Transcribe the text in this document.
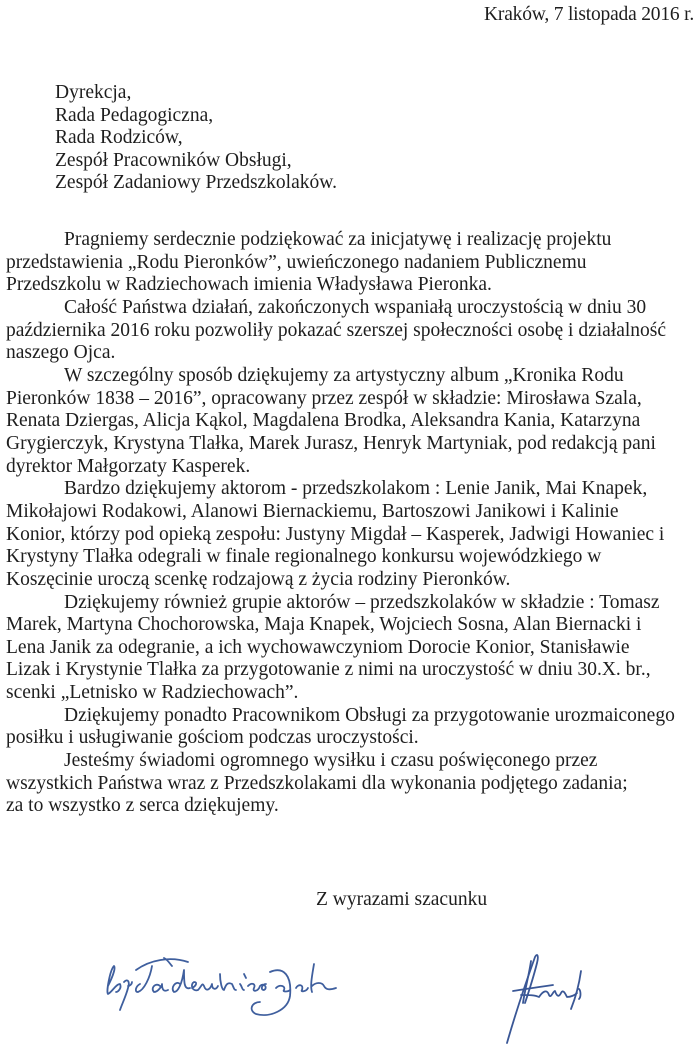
Kraków, 7 listopada 2016 r.
Dyrekcja,
Rada Pedagogiczna,
Rada Rodziców,
Zespół Pracowników Obsługi,
Zespół Zadaniowy Przedszkolaków.
Pragniemy serdecznie podziękować za inicjatywę i realizację projektu
przedstawienia „Rodu Pieronków”, uwieńczonego nadaniem Publicznemu
Przedszkolu w Radziechowach imienia Władysława Pieronka.
Całość Państwa działań, zakończonych wspaniałą uroczystością w dniu 30
października 2016 roku pozwoliły pokazać szerszej społeczności osobę i działalność
naszego Ojca.
W szczególny sposób dziękujemy za artystyczny album „Kronika Rodu
Pieronków 1838 – 2016”, opracowany przez zespół w składzie: Mirosława Szala,
Renata Dziergas, Alicja Kąkol, Magdalena Brodka, Aleksandra Kania, Katarzyna
Grygierczyk, Krystyna Tlałka, Marek Jurasz, Henryk Martyniak, pod redakcją pani
dyrektor Małgorzaty Kasperek.
Bardzo dziękujemy aktorom - przedszkolakom : Lenie Janik, Mai Knapek,
Mikołajowi Rodakowi, Alanowi Biernackiemu, Bartoszowi Janikowi i Kalinie
Konior, którzy pod opieką zespołu: Justyny Migdał – Kasperek, Jadwigi Howaniec i
Krystyny Tlałka odegrali w finale regionalnego konkursu wojewódzkiego w
Koszęcinie uroczą scenkę rodzajową z życia rodziny Pieronków.
Dziękujemy również grupie aktorów – przedszkolaków w składzie : Tomasz
Marek, Martyna Chochorowska, Maja Knapek, Wojciech Sosna, Alan Biernacki i
Lena Janik za odegranie, a ich wychowawczyniom Dorocie Konior, Stanisławie
Lizak i Krystynie Tlałka za przygotowanie z nimi na uroczystość w dniu 30.X. br.,
scenki „Letnisko w Radziechowach”.
Dziękujemy ponadto Pracownikom Obsługi za przygotowanie urozmaiconego
posiłku i usługiwanie gościom podczas uroczystości.
Jesteśmy świadomi ogromnego wysiłku i czasu poświęconego przez
wszystkich Państwa wraz z Przedszkolakami dla wykonania podjętego zadania;
za to wszystko z serca dziękujemy.
Z wyrazami szacunku
